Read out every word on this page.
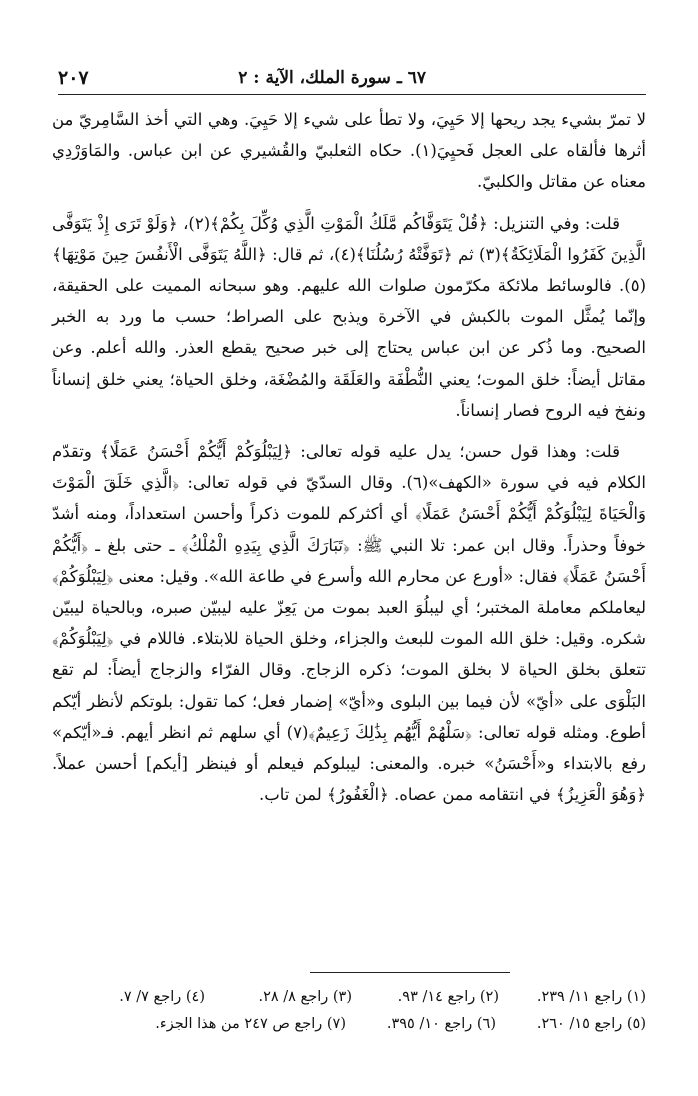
٦٧ ـ سورة الملك، الآية : ٢
٢٠٧

لا تمرّ بشيء يجد ريحها إلا حَيِيَ، ولا تطأ على شيء إلا حَيِيَ. وهي التي أخذ السَّامِريّ من أثرها فألقاه على العجل فَحيِيَ(١). حكاه الثعلبيّ والقُشيري عن ابن عباس. والمَاوَرْدِي معناه عن مقاتل والكلبيّ.

قلت: وفي التنزيل: ﴿قُلْ يَتَوَفَّاكُم مَّلَكُ الْمَوْتِ الَّذِي وُكِّلَ بِكُمْ﴾(٢)، ﴿وَلَوْ تَرَى إِذْ يَتَوَفَّى الَّذِينَ كَفَرُوا الْمَلَائِكَةُ﴾(٣) ثم ﴿تَوَفَّتْهُ رُسُلُنَا﴾(٤)، ثم قال: ﴿اللَّهُ يَتَوَفَّى الْأَنفُسَ حِينَ مَوْتِهَا﴾(٥). فالوسائط ملائكة مكرّمون صلوات الله عليهم. وهو سبحانه المميت على الحقيقة، وإنّما يُمثَّل الموت بالكبش في الآخرة ويذبح على الصراط؛ حسب ما ورد به الخبر الصحيح. وما ذُكر عن ابن عباس يحتاج إلى خبر صحيح يقطع العذر. والله أعلم. وعن مقاتل أيضاً: خلق الموت؛ يعني النُّطْفَة والعَلَقَة والمُضْغَة، وخلق الحياة؛ يعني خلق إنساناً ونفخ فيه الروح فصار إنساناً.

قلت: وهذا قول حسن؛ يدل عليه قوله تعالى: ﴿لِيَبْلُوَكُمْ أَيُّكُمْ أَحْسَنُ عَمَلًا﴾ وتقدّم الكلام فيه في سورة «الكهف»(٦). وقال السدّيّ في قوله تعالى: ﴿الَّذِي خَلَقَ الْمَوْتَ وَالْحَيَاةَ لِيَبْلُوَكُمْ أَيُّكُمْ أَحْسَنُ عَمَلًا﴾ أي أكثركم للموت ذكراً وأحسن استعداداً، ومنه أشدّ خوفاً وحذراً. وقال ابن عمر: تلا النبي ﷺ: ﴿تَبَارَكَ الَّذِي بِيَدِهِ الْمُلْكُ﴾ ـ حتى بلغ ـ ﴿أَيُّكُمْ أَحْسَنُ عَمَلًا﴾ فقال: «أورع عن محارم الله وأسرع في طاعة الله». وقيل: معنى ﴿لِيَبْلُوَكُمْ﴾ ليعاملكم معاملة المختبر؛ أي ليبلُوَ العبد بموت من يَعِزّ عليه ليبيّن صبره، وبالحياة ليبيّن شكره. وقيل: خلق الله الموت للبعث والجزاء، وخلق الحياة للابتلاء. فاللام في ﴿لِيَبْلُوَكُمْ﴾ تتعلق بخلق الحياة لا بخلق الموت؛ ذكره الزجاج. وقال الفرّاء والزجاج أيضاً: لم تقع البَلْوَى على «أيّ» لأن فيما بين البلوى و«أيّ» إضمار فعل؛ كما تقول: بلوتكم لأنظر أيّكم أطوع. ومثله قوله تعالى: ﴿سَلْهُمْ أَيُّهُم بِذَٰلِكَ زَعِيمٌ﴾(٧) أي سلهم ثم انظر أيهم. فـ«أيّكم» رفع بالابتداء و«أَحْسَنُ» خبره. والمعنى: ليبلوكم فيعلم أو فينظر [أيكم] أحسن عملاً. ﴿وَهُوَ الْعَزِيزُ﴾ في انتقامه ممن عصاه. ﴿الْغَفُورُ﴾ لمن تاب.

(١) راجع ١١/ ٢٣٩.
(٢) راجع ١٤/ ٩٣.
(٣) راجع ٨/ ٢٨.
(٤) راجع ٧/ ٧.
(٥) راجع ١٥/ ٢٦٠.
(٦) راجع ١٠/ ٣٩٥.
(٧) راجع ص ٢٤٧ من هذا الجزء.
